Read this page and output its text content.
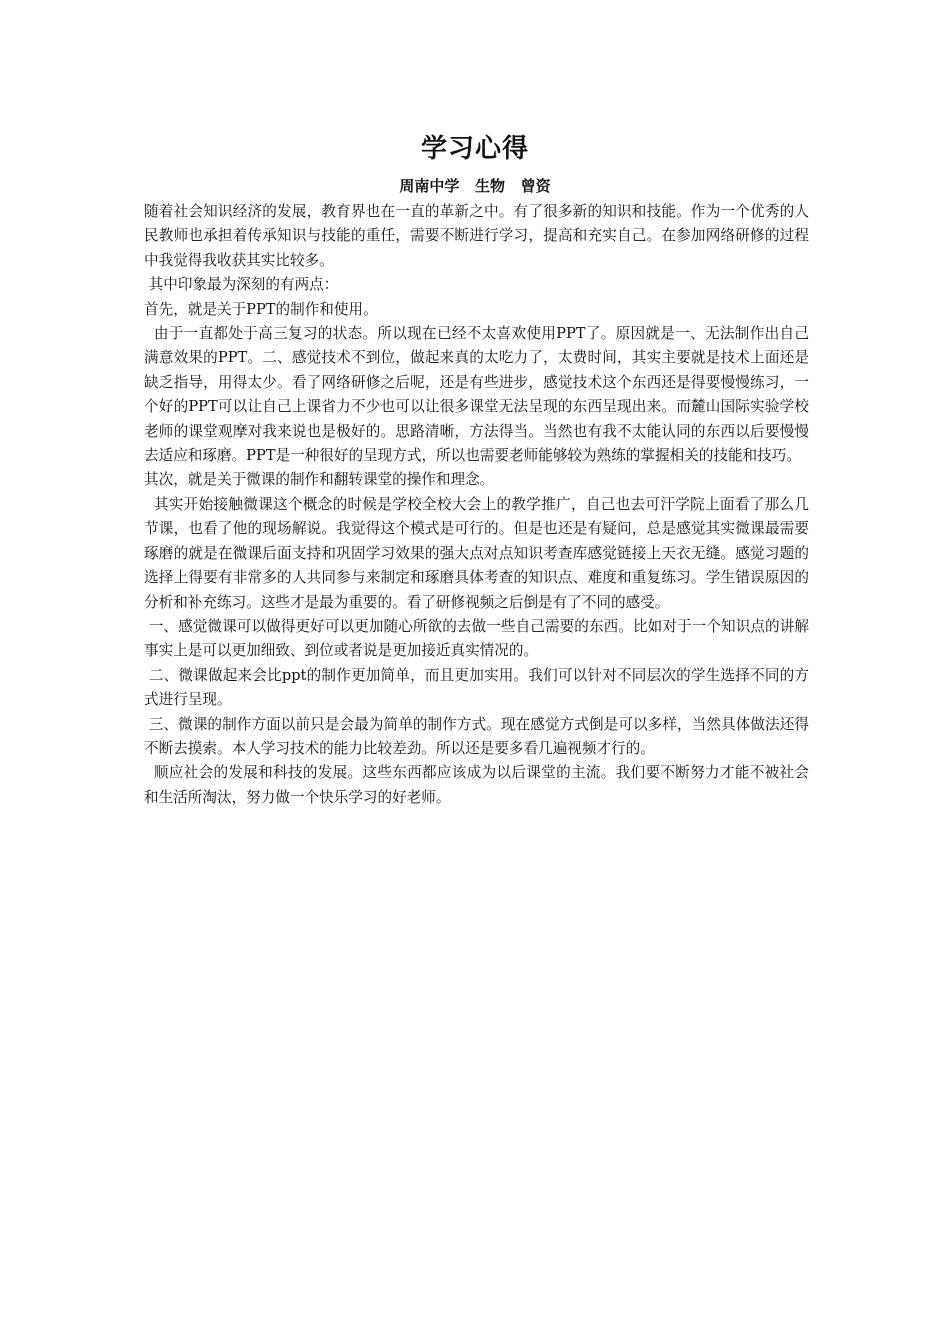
学习心得
周南中学   生物   曾资

随着社会知识经济的发展，教育界也在一直的革新之中。有了很多新的知识和技能。作为一个优秀的人民教师也承担着传承知识与技能的重任，需要不断进行学习，提高和充实自己。在参加网络研修的过程中我觉得我收获其实比较多。

其中印象最为深刻的有两点：

首先，就是关于PPT的制作和使用。

由于一直都处于高三复习的状态。所以现在已经不太喜欢使用PPT了。原因就是一、无法制作出自己满意效果的PPT。二、感觉技术不到位，做起来真的太吃力了，太费时间，其实主要就是技术上面还是缺乏指导，用得太少。看了网络研修之后呢，还是有些进步，感觉技术这个东西还是得要慢慢练习，一个好的PPT可以让自己上课省力不少也可以让很多课堂无法呈现的东西呈现出来。而麓山国际实验学校老师的课堂观摩对我来说也是极好的。思路清晰，方法得当。当然也有我不太能认同的东西以后要慢慢去适应和琢磨。PPT是一种很好的呈现方式，所以也需要老师能够较为熟练的掌握相关的技能和技巧。

其次，就是关于微课的制作和翻转课堂的操作和理念。

其实开始接触微课这个概念的时候是学校全校大会上的教学推广，自己也去可汗学院上面看了那么几节课，也看了他的现场解说。我觉得这个模式是可行的。但是也还是有疑问，总是感觉其实微课最需要琢磨的就是在微课后面支持和巩固学习效果的强大点对点知识考查库感觉链接上天衣无缝。感觉习题的选择上得要有非常多的人共同参与来制定和琢磨具体考查的知识点、难度和重复练习。学生错误原因的分析和补充练习。这些才是最为重要的。看了研修视频之后倒是有了不同的感受。

一、感觉微课可以做得更好可以更加随心所欲的去做一些自己需要的东西。比如对于一个知识点的讲解事实上是可以更加细致、到位或者说是更加接近真实情况的。

二、微课做起来会比ppt的制作更加简单，而且更加实用。我们可以针对不同层次的学生选择不同的方式进行呈现。

三、微课的制作方面以前只是会最为简单的制作方式。现在感觉方式倒是可以多样，当然具体做法还得不断去摸索。本人学习技术的能力比较差劲。所以还是要多看几遍视频才行的。

顺应社会的发展和科技的发展。这些东西都应该成为以后课堂的主流。我们要不断努力才能不被社会和生活所淘汰，努力做一个快乐学习的好老师。
